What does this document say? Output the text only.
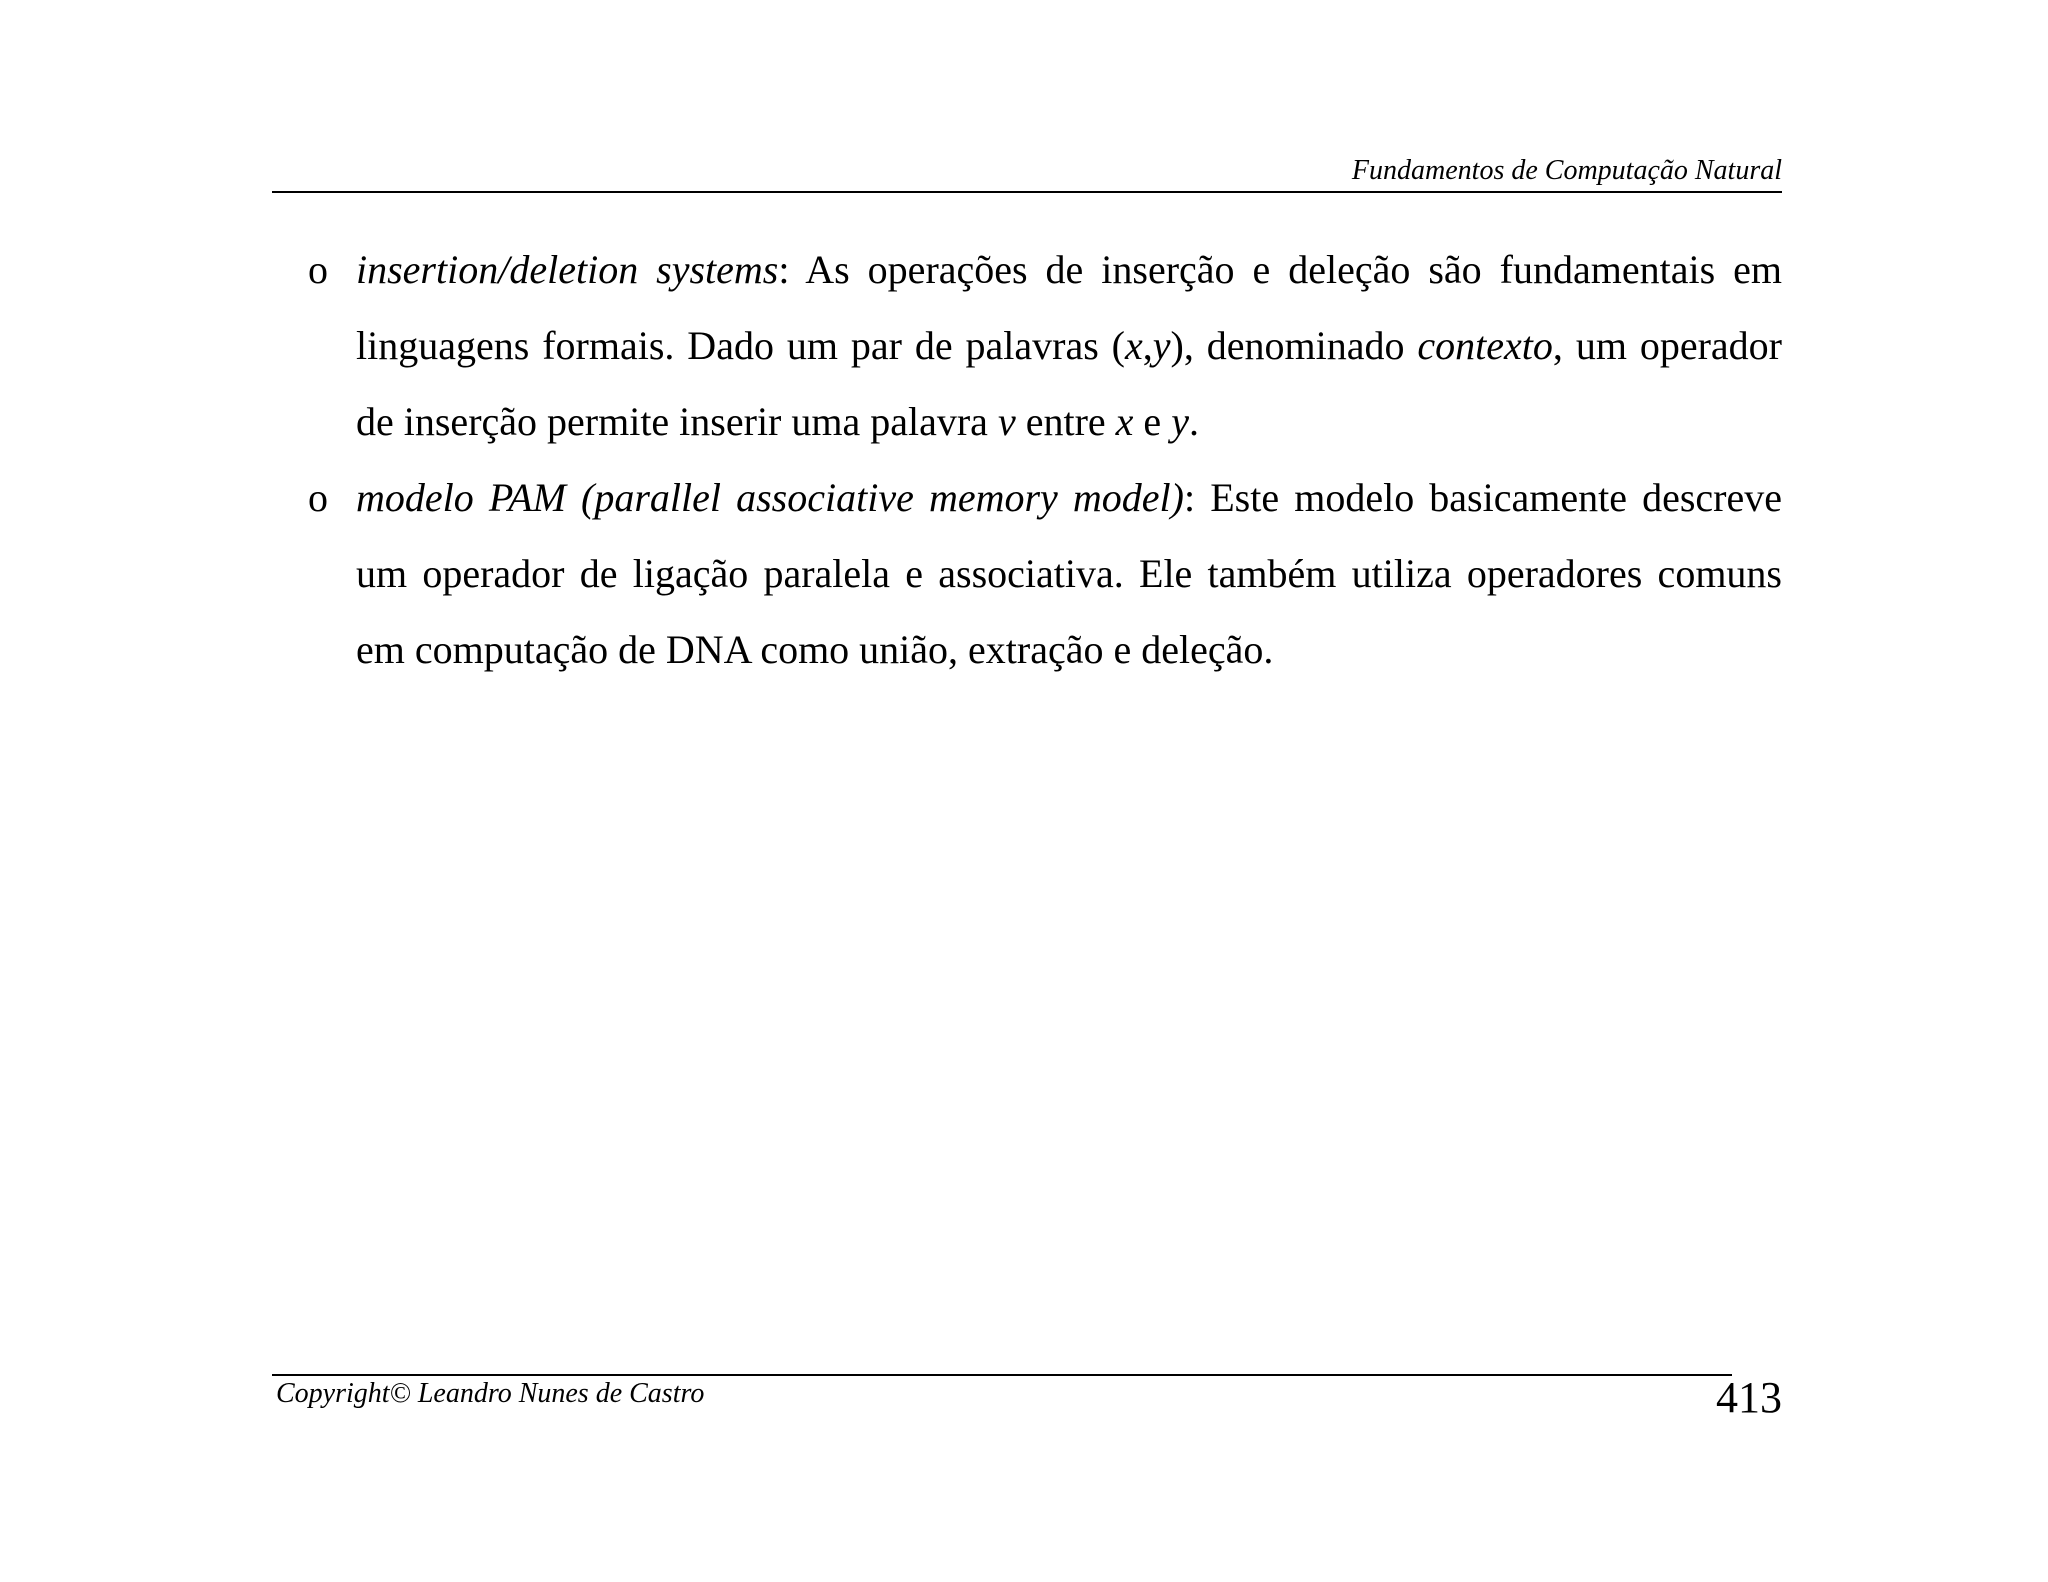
Fundamentos de Computação Natural
o insertion/deletion systems: As operações de inserção e deleção são fundamentais em linguagens formais. Dado um par de palavras (x,y), denominado contexto, um operador de inserção permite inserir uma palavra v entre x e y.
o modelo PAM (parallel associative memory model): Este modelo basicamente descreve um operador de ligação paralela e associativa. Ele também utiliza operadores comuns em computação de DNA como união, extração e deleção.
Copyright© Leandro Nunes de Castro	413
